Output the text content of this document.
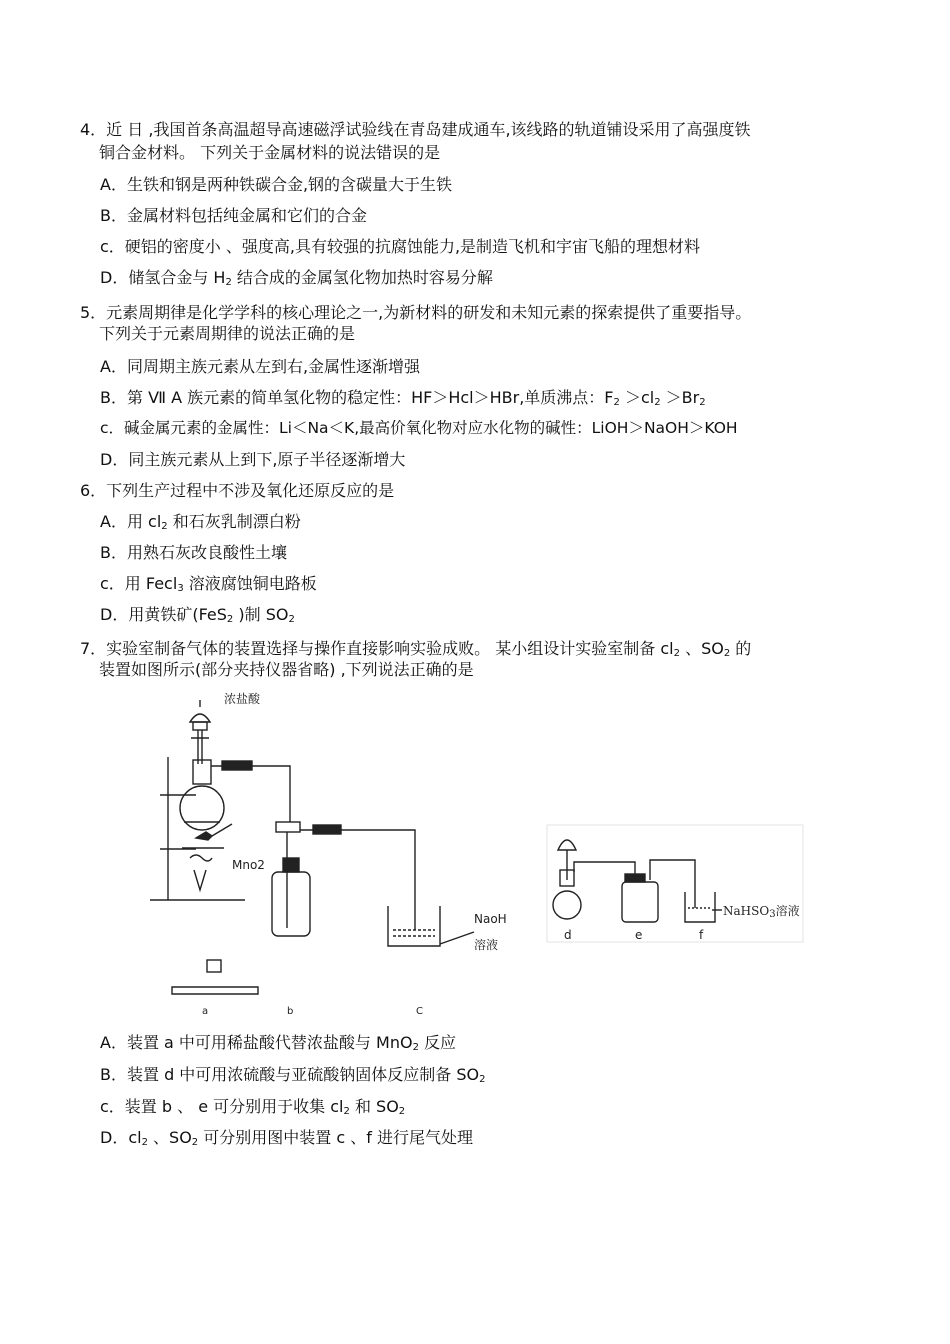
4．近 日 ,我国首条高温超导高速磁浮试验线在青岛建成通车,该线路的轨道铺设采用了高强度铁
铜合金材料。 下列关于金属材料的说法错误的是
A．生铁和钢是两种铁碳合金,钢的含碳量大于生铁
B．金属材料包括纯金属和它们的合金
c．硬铝的密度小 、强度高,具有较强的抗腐蚀能力,是制造飞机和宇宙飞船的理想材料
D．储氢合金与 $H_2$ 结合成的金属氢化物加热时容易分解
5．元素周期律是化学学科的核心理论之一,为新材料的研发和未知元素的探索提供了重要指导。
下列关于元素周期律的说法正确的是
A．同周期主族元素从左到右,金属性逐渐增强
B．第 Ⅶ A 族元素的简单氢化物的稳定性：HF＞Hcl＞HBr,单质沸点：$F_2 >cl_2 >Br_2$
c．碱金属元素的金属性：Li＜Na＜K,最高价氧化物对应水化物的碱性：LiOH＞NaOH＞KOH
D．同主族元素从上到下,原子半径逐渐增大
6．下列生产过程中不涉及氧化还原反应的是
A．用 $cl_2$ 和石灰乳制漂白粉
B．用熟石灰改良酸性土壤
c．用 Fecl$_3$ 溶液腐蚀铜电路板
D．用黄铁矿(FeS$_2$ )制 $SO_2$
7．实验室制备气体的装置选择与操作直接影响实验成败。 某小组设计实验室制备 $cl_2$ 、$SO_2$ 的
装置如图所示(部分夹持仪器省略) ,下列说法正确的是
浓盐酸
Mno2
NaoH
溶液
a	b	C
d	e	f
NaHSO$_3$溶液
A．装置 a 中可用稀盐酸代替浓盐酸与 MnO$_2$ 反应
B．装置 d 中可用浓硫酸与亚硫酸钠固体反应制备 $SO_2$
c．装置 b 、 e 可分别用于收集 $cl_2$ 和 $SO_2$
D．$cl_2$ 、$SO_2$ 可分别用图中装置 c 、f 进行尾气处理
